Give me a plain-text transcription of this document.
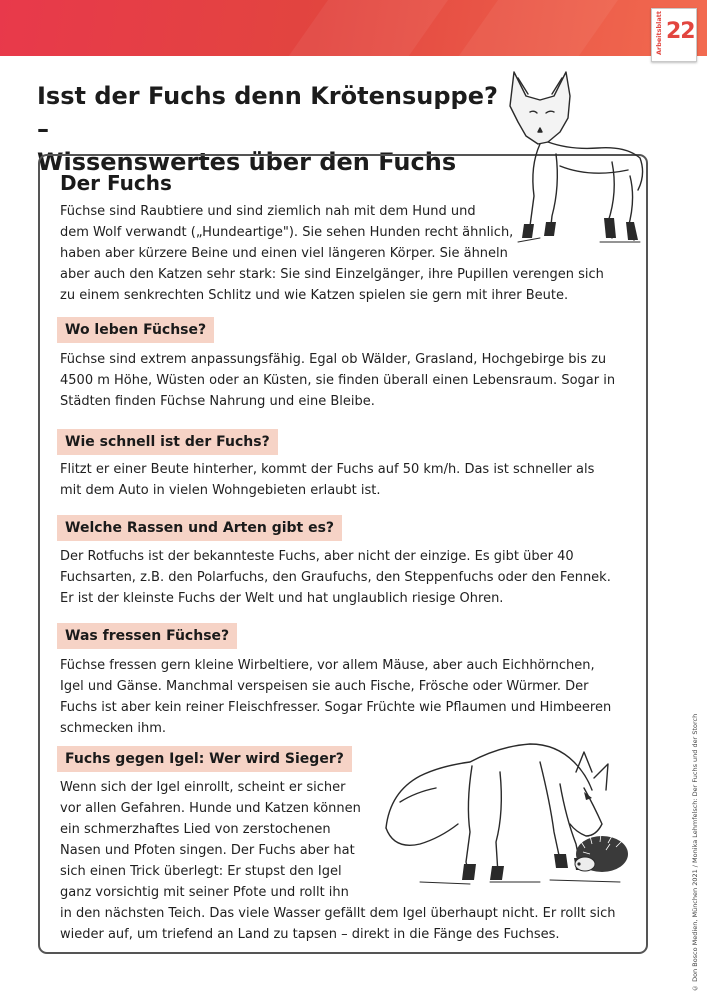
Arbeitsblatt 22
Isst der Fuchs denn Krötensuppe? –
Wissenswertes über den Fuchs
Der Fuchs

Füchse sind Raubtiere und sind ziemlich nah mit dem Hund und
dem Wolf verwandt („Hundeartige"). Sie sehen Hunden recht ähnlich,
haben aber kürzere Beine und einen viel längeren Körper. Sie ähneln
aber auch den Katzen sehr stark: Sie sind Einzelgänger, ihre Pupillen verengen sich
zu einem senkrechten Schlitz und wie Katzen spielen sie gern mit ihrer Beute.

Wo leben Füchse?

Füchse sind extrem anpassungsfähig. Egal ob Wälder, Grasland, Hochgebirge bis zu
4500 m Höhe, Wüsten oder an Küsten, sie finden überall einen Lebensraum. Sogar in
Städten finden Füchse Nahrung und eine Bleibe.

Wie schnell ist der Fuchs?

Flitzt er einer Beute hinterher, kommt der Fuchs auf 50 km/h. Das ist schneller als
mit dem Auto in vielen Wohngebieten erlaubt ist.

Welche Rassen und Arten gibt es?

Der Rotfuchs ist der bekannteste Fuchs, aber nicht der einzige. Es gibt über 40
Fuchsarten, z.B. den Polarfuchs, den Graufuchs, den Steppenfuchs oder den Fennek.
Er ist der kleinste Fuchs der Welt und hat unglaublich riesige Ohren.

Was fressen Füchse?

Füchse fressen gern kleine Wirbeltiere, vor allem Mäuse, aber auch Eichhörnchen,
Igel und Gänse. Manchmal verspeisen sie auch Fische, Frösche oder Würmer. Der
Fuchs ist aber kein reiner Fleischfresser. Sogar Früchte wie Pflaumen und Himbeeren
schmecken ihm.

Fuchs gegen Igel: Wer wird Sieger?

Wenn sich der Igel einrollt, scheint er sicher
vor allen Gefahren. Hunde und Katzen können
ein schmerzhaftes Lied von zerstochenen
Nasen und Pfoten singen. Der Fuchs aber hat
sich einen Trick überlegt: Er stupst den Igel
ganz vorsichtig mit seiner Pfote und rollt ihn
in den nächsten Teich. Das viele Wasser gefällt dem Igel überhaupt nicht. Er rollt sich
wieder auf, um triefend an Land zu tapsen – direkt in die Fänge des Fuchses.	© Don Bosco Medien, München 2021 / Monika Lehmfelsch: Der Fuchs und der Storch
